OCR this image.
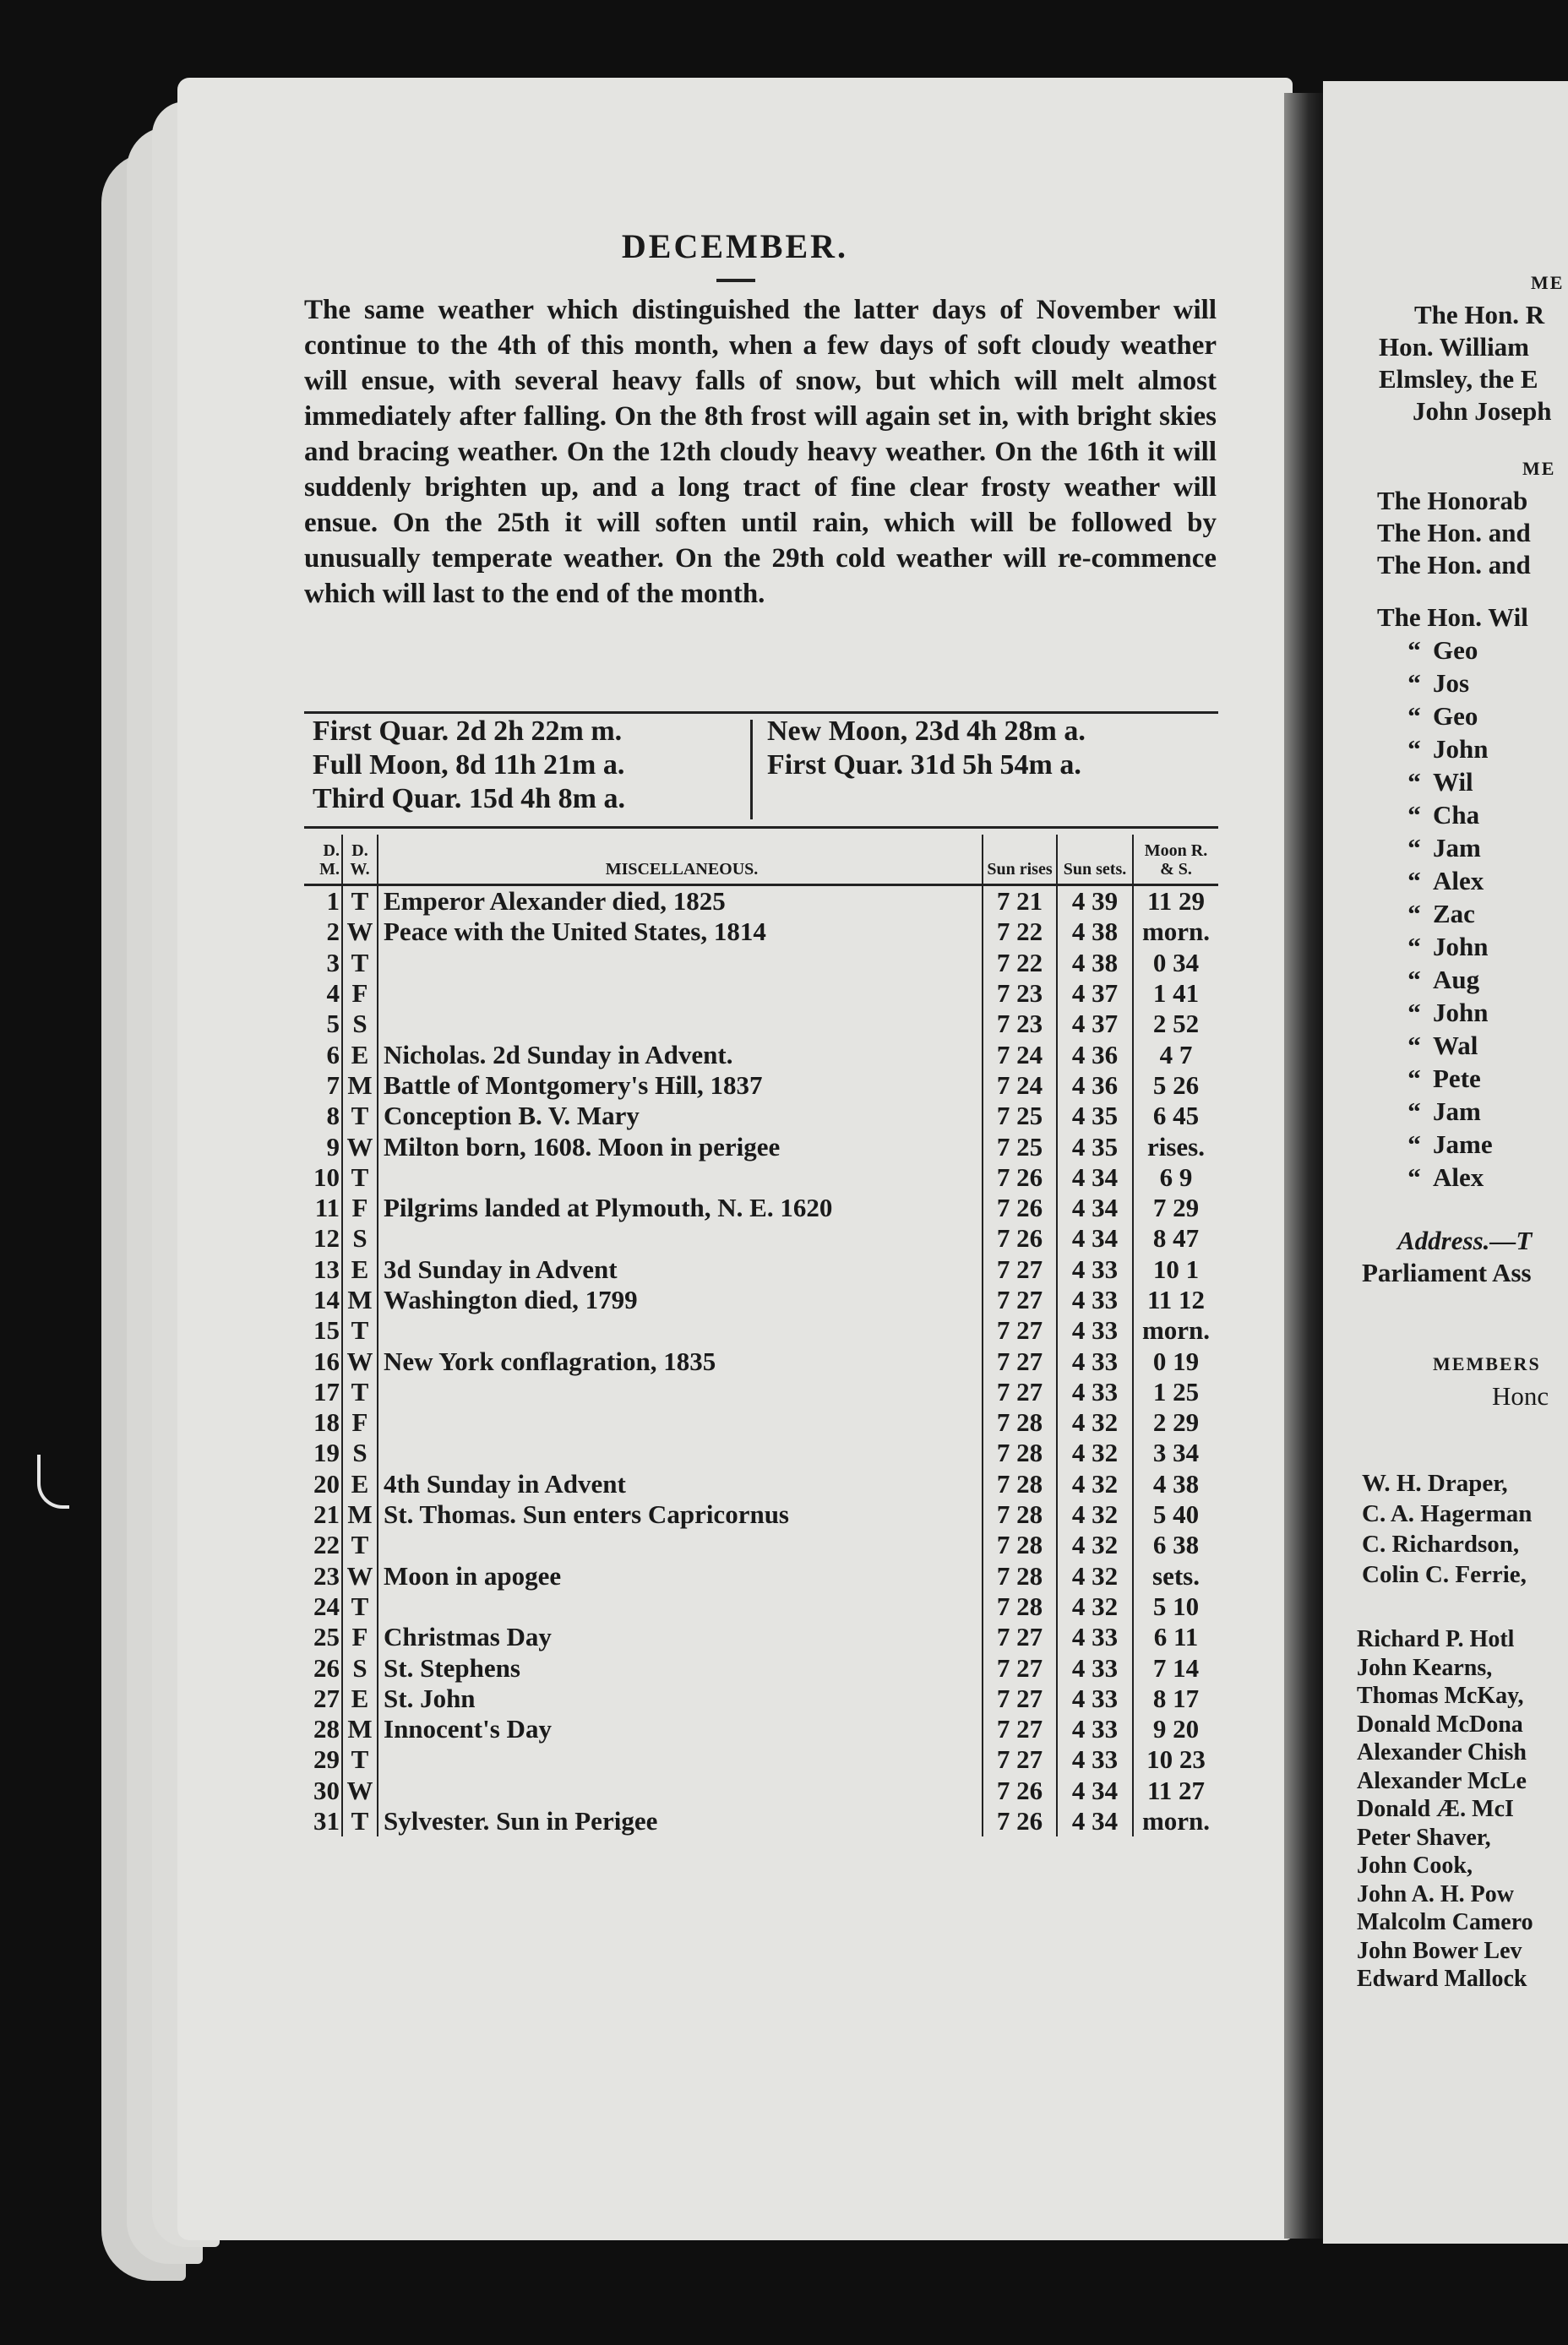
DECEMBER.
The same weather which distinguished the latter days of November will continue to the 4th of this month, when a few days of soft cloudy weather will ensue, with several heavy falls of snow, but which will melt almost immediately after falling. On the 8th frost will again set in, with bright skies and bracing weather. On the 12th cloudy heavy weather. On the 16th it will suddenly brighten up, and a long tract of fine clear frosty weather will ensue. On the 25th it will soften until rain, which will be followed by unusually temperate weather. On the 29th cold weather will re-commence which will last to the end of the month.
First Quar. 2d 2h 22m m.
Full Moon, 8d 11h 21m a.
Third Quar. 15d 4h 8m a.
New Moon, 23d 4h 28m a.
First Quar. 31d 5h 54m a.
D. M.	D. W.	MISCELLANEOUS.	Sun rises	Sun sets.	Moon R. & S.
1	T	Emperor Alexander died, 1825	7 21	4 39	11 29
2	W	Peace with the United States, 1814	7 22	4 38	morn.
3	T		7 22	4 38	0 34
4	F		7 23	4 37	1 41
5	S		7 23	4 37	2 52
6	E	Nicholas. 2d Sunday in Advent.	7 24	4 36	4 7
7	M	Battle of Montgomery's Hill, 1837	7 24	4 36	5 26
8	T	Conception B. V. Mary	7 25	4 35	6 45
9	W	Milton born, 1608. Moon in perigee	7 25	4 35	rises.
10	T		7 26	4 34	6 9
11	F	Pilgrims landed at Plymouth, N. E. 1620	7 26	4 34	7 29
12	S		7 26	4 34	8 47
13	E	3d Sunday in Advent	7 27	4 33	10 1
14	M	Washington died, 1799	7 27	4 33	11 12
15	T		7 27	4 33	morn.
16	W	New York conflagration, 1835	7 27	4 33	0 19
17	T		7 27	4 33	1 25
18	F		7 28	4 32	2 29
19	S		7 28	4 32	3 34
20	E	4th Sunday in Advent	7 28	4 32	4 38
21	M	St. Thomas. Sun enters Capricornus	7 28	4 32	5 40
22	T		7 28	4 32	6 38
23	W	Moon in apogee	7 28	4 32	sets.
24	T		7 28	4 32	5 10
25	F	Christmas Day	7 27	4 33	6 11
26	S	St. Stephens	7 27	4 33	7 14
27	E	St. John	7 27	4 33	8 17
28	M	Innocent's Day	7 27	4 33	9 20
29	T		7 27	4 33	10 23
30	W		7 26	4 34	11 27
31	T	Sylvester. Sun in Perigee	7 26	4 34	morn.
ME
The Hon. R
Hon. William
Elmsley, the E
John Joseph
ME
The Honorab
The Hon. and
The Hon. and
The Hon. Wil
“ Geo
“ Jos
“ Geo
“ John
“ Wil
“ Cha
“ Jam
“ Alex
“ Zac
“ John
“ Aug
“ John
“ Wal
“ Pete
“ Jam
“ Jame
“ Alex
Address.—T
Parliament Ass
MEMBERS
Honc
W. H. Draper,
C. A. Hagerman
C. Richardson,
Colin C. Ferrie,
Richard P. Hotl
John Kearns,
Thomas McKay,
Donald McDona
Alexander Chish
Alexander McLe
Donald Æ. McI
Peter Shaver,
John Cook,
John A. H. Pow
Malcolm Camero
John Bower Lev
Edward Mallock
